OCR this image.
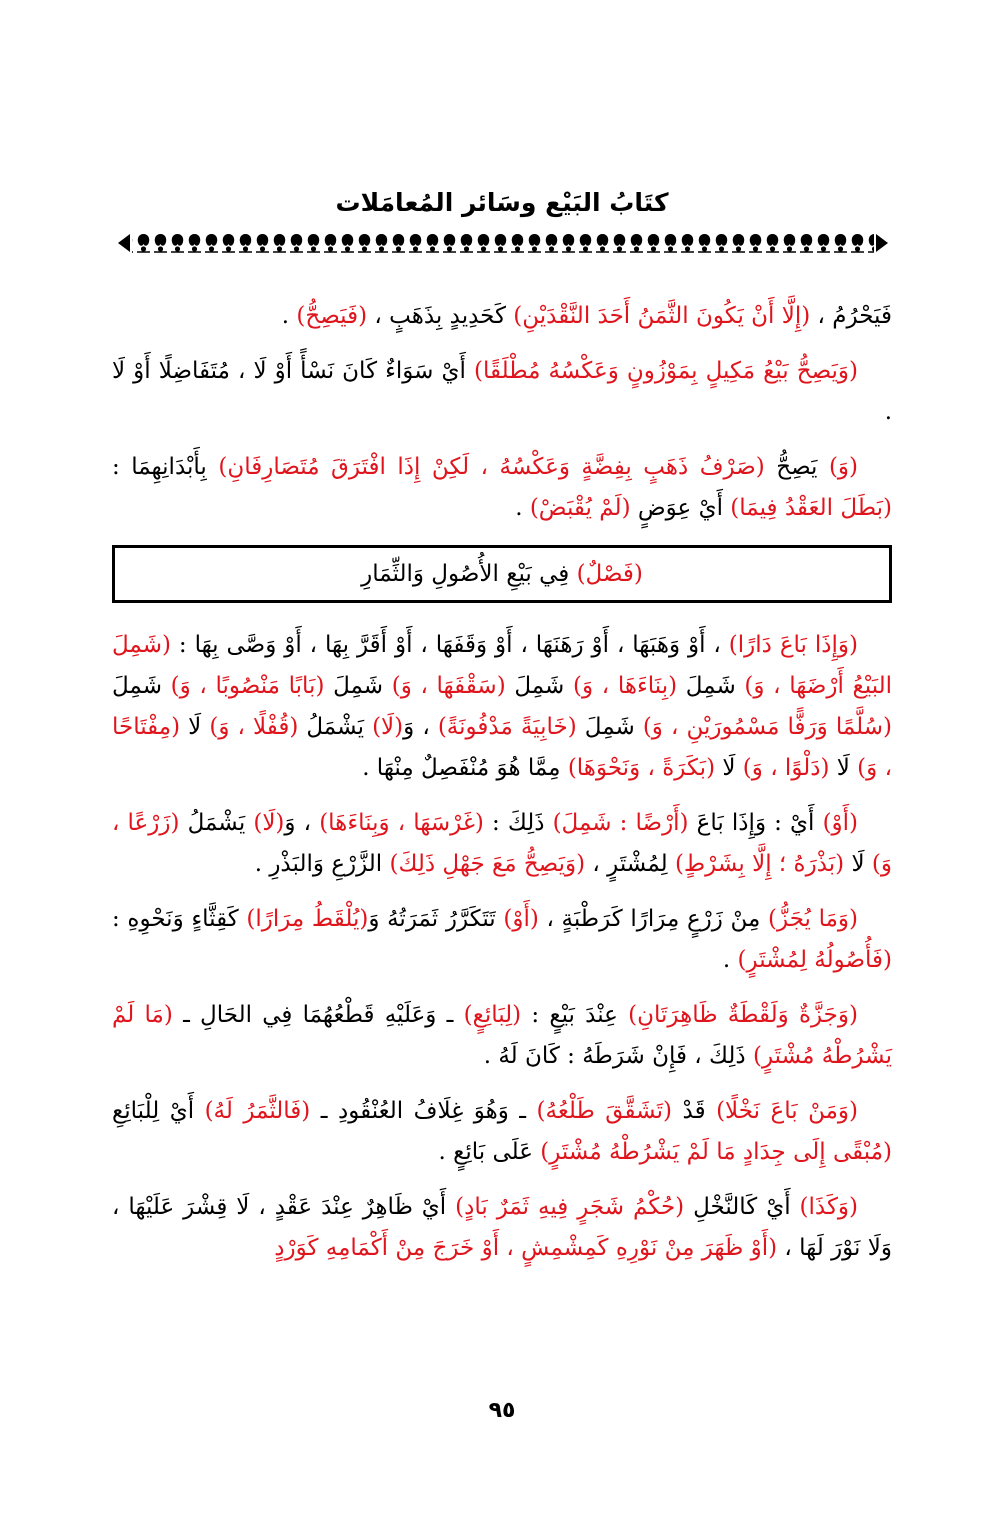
كتَابُ البَيْع وسَائر المُعامَلات

فَيَحْرُمُ ، (إِلَّا أَنْ يَكُونَ الثَّمَنُ أَحَدَ النَّقْدَيْنِ) كَحَدِيدٍ بِذَهَبٍ ، (فَيَصِحُّ) .

(وَيَصِحُّ بَيْعُ مَكِيلٍ بِمَوْزُونٍ وَعَكْسُهُ مُطْلَقًا) أَيْ سَوَاءٌ كَانَ نَسْأً أَوْ لَا ، مُتَفَاضِلًا أَوْ لَا .

(وَ) يَصِحُّ (صَرْفُ ذَهَبٍ بِفِضَّةٍ وَعَكْسُهُ ، لَكِنْ إِذَا افْتَرَقَ مُتَصَارِفَانِ) بِأَبْدَانِهِمَا : (بَطَلَ العَقْدُ فِيمَا) أَيْ عِوَضٍ (لَمْ يُقْبَضْ) .

(فَصْلٌ) فِي بَيْعِ الأُصُولِ وَالثِّمَارِ

(وَإِذَا بَاعَ دَارًا) ، أَوْ وَهَبَهَا ، أَوْ رَهَنَهَا ، أَوْ وَقَفَهَا ، أَوْ أَقَرَّ بِهَا ، أَوْ وَصَّى بِهَا : (شَمِلَ البَيْعُ أَرْضَهَا ، وَ) شَمِلَ (بِنَاءَهَا ، وَ) شَمِلَ (سَقْفَهَا ، وَ) شَمِلَ (بَابًا مَنْصُوبًا ، وَ) شَمِلَ (سُلَّمًا وَرَفًّا مَسْمُورَيْنِ ، وَ) شَمِلَ (خَابِيَةً مَدْفُونَةً) ، وَ(لَا) يَشْمَلُ (قُفْلًا ، وَ) لَا (مِفْتَاحًا ، وَ) لَا (دَلْوًا ، وَ) لَا (بَكَرَةً ، وَنَحْوَهَا) مِمَّا هُوَ مُنْفَصِلٌ مِنْهَا .

(أَوْ) أَيْ : وَإِذَا بَاعَ (أَرْضًا : شَمِلَ) ذَلِكَ : (غَرْسَهَا ، وَبِنَاءَهَا) ، وَ(لَا) يَشْمَلُ (زَرْعًا ، وَ) لَا (بَذْرَهُ ؛ إِلَّا بِشَرْطٍ) لِمُشْتَرٍ ، (وَيَصِحُّ مَعَ جَهْلِ ذَلِكَ) الزَّرْعِ وَالبَذْرِ .

(وَمَا يُجَزُّ) مِنْ زَرْعٍ مِرَارًا كَرَطْبَةٍ ، (أَوْ) تَتَكَرَّرُ ثَمَرَتُهُ وَ(يُلْقَطُ مِرَارًا) كَقِثَّاءٍ وَنَحْوِهِ : (فَأُصُولُهُ لِمُشْتَرٍ) .

(وَجَزَّةٌ وَلَقْطَةٌ ظَاهِرَتَانِ) عِنْدَ بَيْعٍ : (لِبَائِعٍ) ـ وَعَلَيْهِ قَطْعُهُمَا فِي الحَالِ ـ (مَا لَمْ يَشْرُطْهُ مُشْتَرٍ) ذَلِكَ ، فَإِنْ شَرَطَهُ : كَانَ لَهُ .

(وَمَنْ بَاعَ نَخْلًا) قَدْ (تَشَقَّقَ طَلْعُهُ) ـ وَهُوَ غِلَافُ العُنْقُودِ ـ (فَالثَّمَرُ لَهُ) أَيْ لِلْبَائِعِ (مُبْقًى إِلَى جِدَادٍ مَا لَمْ يَشْرُطْهُ مُشْتَرٍ) عَلَى بَائِعٍ .

(وَكَذَا) أَيْ كَالنَّخْلِ (حُكْمُ شَجَرٍ فِيهِ ثَمَرٌ بَادٍ) أَيْ ظَاهِرٌ عِنْدَ عَقْدٍ ، لَا قِشْرَ عَلَيْهَا ، وَلَا نَوْرَ لَهَا ، (أَوْ ظَهَرَ مِنْ نَوْرِهِ كَمِشْمِشٍ ، أَوْ خَرَجَ مِنْ أَكْمَامِهِ كَوَرْدٍ

٩٥
